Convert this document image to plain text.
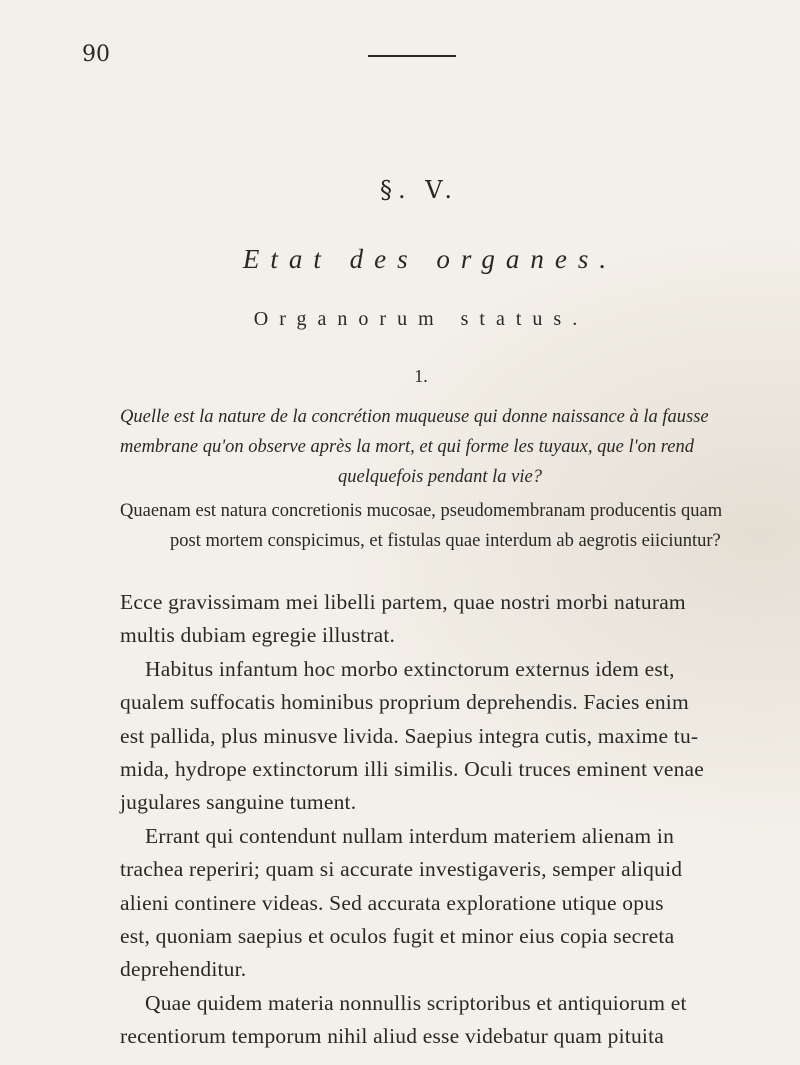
90
§. V.
Etat des organes.
Organorum status.
1.
Quelle est la nature de la concrétion muqueuse qui donne naissance à la fausse
membrane qu'on observe après la mort, et qui forme les tuyaux, que l'on rend
quelquefois pendant la vie?
Quaenam est natura concretionis mucosae, pseudomembranam producentis quam
post mortem conspicimus, et fistulas quae interdum ab aegrotis eiiciuntur?
Ecce gravissimam mei libelli partem, quae nostri morbi naturam
multis dubiam egregie illustrat.
Habitus infantum hoc morbo extinctorum externus idem est,
qualem suffocatis hominibus proprium deprehendis. Facies enim
est pallida, plus minusve livida. Saepius integra cutis, maxime tu-
mida, hydrope extinctorum illi similis. Oculi truces eminent venae
jugulares sanguine tument.
Errant qui contendunt nullam interdum materiem alienam in
trachea reperiri; quam si accurate investigaveris, semper aliquid
alieni continere videas. Sed accurata exploratione utique opus
est, quoniam saepius et oculos fugit et minor eius copia secreta
deprehenditur.
Quae quidem materia nonnullis scriptoribus et antiquiorum et
recentiorum temporum nihil aliud esse videbatur quam pituita
